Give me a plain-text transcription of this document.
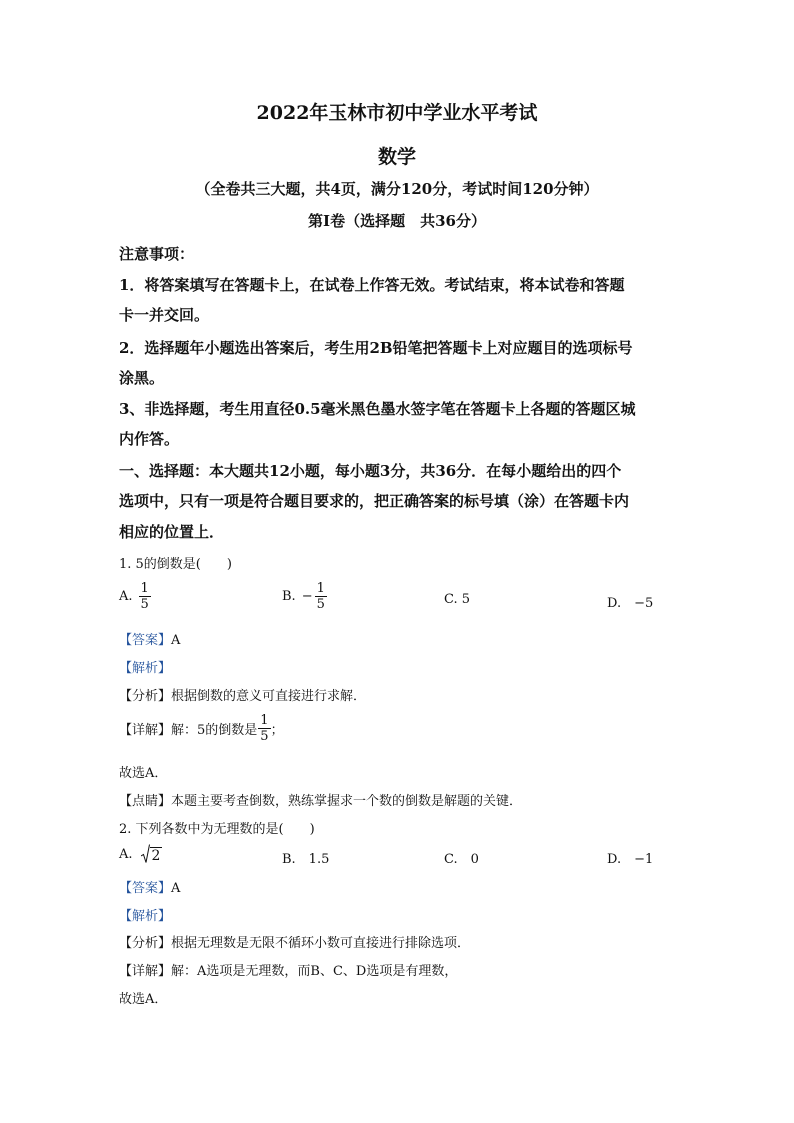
2022年玉林市初中学业水平考试
数学
（全卷共三大题，共4页，满分120分，考试时间120分钟）
第I卷（选择题　共36分）
注意事项：
1．将答案填写在答题卡上，在试卷上作答无效。考试结束，将本试卷和答题
卡一并交回。
2．选择题年小题选出答案后，考生用2B铅笔把答题卡上对应题目的选项标号
涂黑。
3、非选择题，考生用直径0.5毫米黑色墨水签字笔在答题卡上各题的答题区城
内作答。
一、选择题：本大题共12小题，每小题3分，共36分．在每小题给出的四个
选项中，只有一项是符合题目要求的，把正确答案的标号填（涂）在答题卡内
相应的位置上．
1. 5的倒数是(　　)
A. $\frac{1}{5}$	B. − $\frac{1}{5}$	C. 5	D.　−5
【答案】A
【解析】
【分析】根据倒数的意义可直接进行求解．
【详解】 解：5的倒数是 $\frac{1}{5}$ ；
故选A．
【点睛】本题主要考查倒数，熟练掌握求一个数的倒数是解题的关键．
2. 下列各数中为无理数的是(　　)
A. 2	B.　1.5	C.　0	D.　−1
【答案】A
【解析】
【分析】根据无理数是无限不循环小数可直接进行排除选项．
【详解】解：A选项是无理数，而B、C、D选项是有理数，
故选A．
